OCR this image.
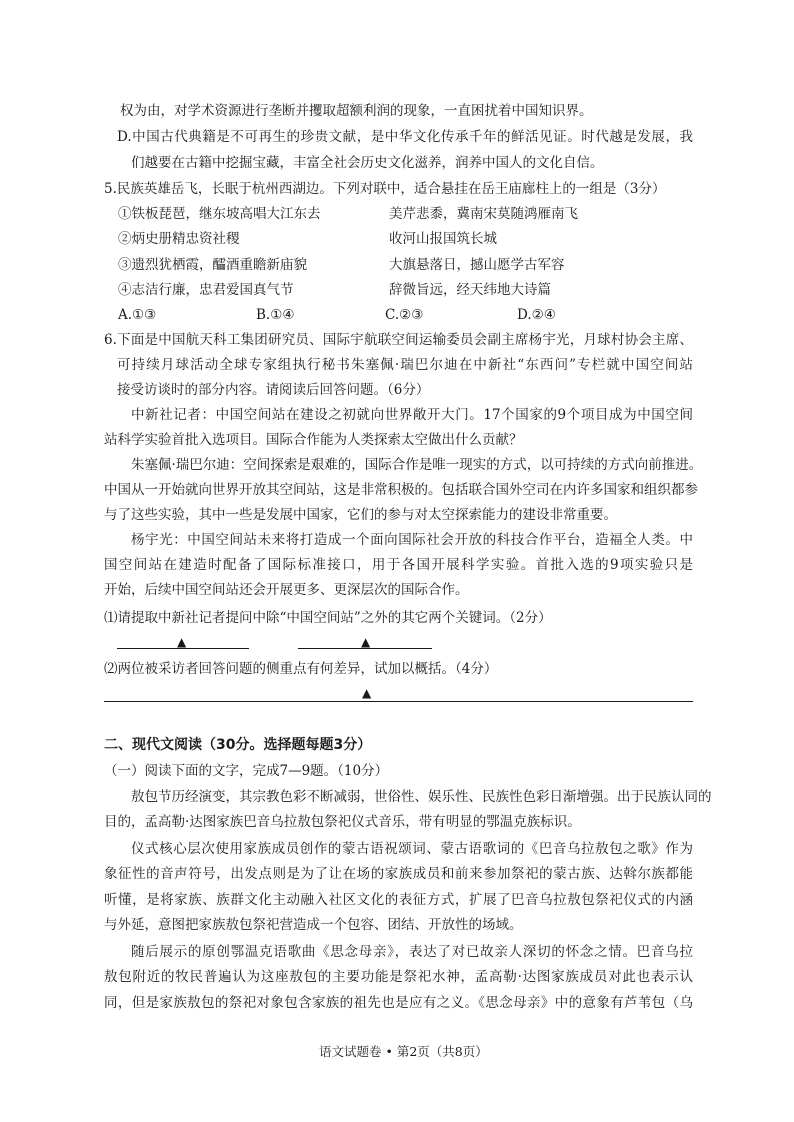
权为由，对学术资源进行垄断并攫取超额利润的现象，一直困扰着中国知识界。
D.中国古代典籍是不可再生的珍贵文献，是中华文化传承千年的鲜活见证。时代越是发展，我
们越要在古籍中挖掘宝藏，丰富全社会历史文化滋养，润养中国人的文化自信。
5.民族英雄岳飞，长眠于杭州西湖边。下列对联中，适合悬挂在岳王庙廊柱上的一组是（3分）
①铁板琵琶，继东坡高唱大江东去	美芹悲黍，冀南宋莫随鸿雁南飞
②炳史册精忠资社稷	收河山报国筑长城
③遗烈犹栖霞，醽酒重瞻新庙貌	大旗悬落日，撼山愿学古军容
④志洁行廉，忠君爱国真气节	辞微旨远，经天纬地大诗篇
A.①③	B.①④	C.②③	D.②④
6.下面是中国航天科工集团研究员、国际宇航联空间运输委员会副主席杨宇光，月球村协会主席、
可持续月球活动全球专家组执行秘书朱塞佩·瑞巴尔迪在中新社“东西问”专栏就中国空间站
接受访谈时的部分内容。请阅读后回答问题。（6分）
中新社记者：中国空间站在建设之初就向世界敞开大门。17个国家的9个项目成为中国空间
站科学实验首批入选项目。国际合作能为人类探索太空做出什么贡献？
朱塞佩·瑞巴尔迪：空间探索是艰难的，国际合作是唯一现实的方式，以可持续的方式向前推进。
中国从一开始就向世界开放其空间站，这是非常积极的。包括联合国外空司在内许多国家和组织都参
与了这些实验，其中一些是发展中国家，它们的参与对太空探索能力的建设非常重要。
杨宇光：中国空间站未来将打造成一个面向国际社会开放的科技合作平台，造福全人类。中
国空间站在建造时配备了国际标准接口，用于各国开展科学实验。首批入选的9项实验只是
开始，后续中国空间站还会开展更多、更深层次的国际合作。
⑴请提取中新社记者提问中除“中国空间站”之外的其它两个关键词。（2分）
▲	▲
⑵两位被采访者回答问题的侧重点有何差异，试加以概括。（4分）
▲
二、现代文阅读（30分。选择题每题3分）
（一）阅读下面的文字，完成7—9题。（10分）
敖包节历经演变，其宗教色彩不断减弱，世俗性、娱乐性、民族性色彩日渐增强。出于民族认同的
目的，孟高勒·达图家族巴音乌拉敖包祭祀仪式音乐，带有明显的鄂温克族标识。
仪式核心层次使用家族成员创作的蒙古语祝颂词、蒙古语歌词的《巴音乌拉敖包之歌》作为
象征性的音声符号，出发点则是为了让在场的家族成员和前来参加祭祀的蒙古族、达斡尔族都能
听懂，是将家族、族群文化主动融入社区文化的表征方式，扩展了巴音乌拉敖包祭祀仪式的内涵
与外延，意图把家族敖包祭祀营造成一个包容、团结、开放性的场域。
随后展示的原创鄂温克语歌曲《思念母亲》，表达了对已故亲人深切的怀念之情。巴音乌拉
敖包附近的牧民普遍认为这座敖包的主要功能是祭祀水神，孟高勒·达图家族成员对此也表示认
同，但是家族敖包的祭祀对象包含家族的祖先也是应有之义。《思念母亲》中的意象有芦苇包（乌
语文试题卷 • 第2页（共8页）
